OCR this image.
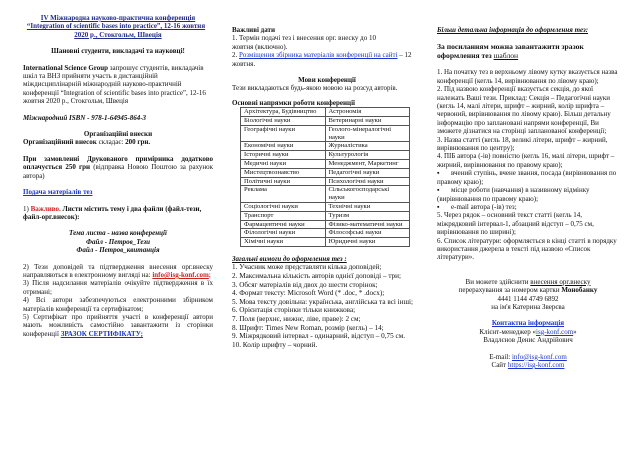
IV Міжнародна науково-практична конференція

“Integration of scientific bases into practice”, 12-16 жовтня

2020 р., Стокгольм, Швеція

Шановні студенти, викладачі та науковці!

International Science Group запрошує студентів, викладачів шкіл та ВНЗ прийняти участь в дистанційній міждисциплінарній міжнародній науково-практичній конференції “Integration of scientific bases into practice”, 12-16 жовтня 2020 р., Стокгольм, Швеція

Міжнародний ISBN - 978-1-64945-864-3

Організаційні внески

Організаційний внесок складає: 200 грн.

При замовленні Друкованого примірника додатково оплачується 250 грн (відправка Новою Поштою за рахунок автора)

Подача матеріалів тез

1) Важливо. Листи містить тему і два файли (файл-тези, файл-орг.внесок):

Тема листа - назва конференції

Файл - Петров_Тези

Файл - Петров_квитанція

2) Тези доповідей та підтвердження внесення орг.внеску направляються в електронному вигляді на: info@isg-konf.com;

3) Після надсилання матеріалів очікуйте підтвердження в їх отримані;

4) Всі автори забезпечуються електронними збірником матеріалів конференції та сертифікатом;

5) Сертифікат про прийняття участі в конференції автори мають можливість самостійно завантажити із сторінки конференції ЗРАЗОК СЕРТИФІКАТУ;

Важливі дати

1. Термін подачі тез і внесення орг. внеску до 10 жовтня (включно).

2. Розміщення збірника матеріалів конференції на сайті – 12 жовтня.

Мови конференції

Тези викладаються будь-якою мовою на розсуд авторів.

Основні напрямки роботи конференції

Архітектура, Будівництво	Астрономія
Біологічні науки	Ветеринарні науки
Географічні науки	Геолого-мінералогічні науки
Економічні науки	Журналістика
Історичні науки	Культурологія
Медичні науки	Менеджмент, Маркетинг
Мистецтвознавство	Педагогічні науки
Політичні науки	Психологічні науки
Реклама	Сільськогосподарські науки
Соціологічні науки	Технічні науки
Транспорт	Туризм
Фармацевтичні науки	Фізико-математичні науки
Філологічні науки	Філософські науки
Хімічні науки	Юридичні науки

Загальні вимоги до оформлення тез :

1. Учасник може представляти кілька доповідей;

2. Максимальна кількість авторів однієї доповіді – три;

3. Обсяг матеріалів від двох до шести сторінок;

4. Формат тексту: Microsoft Word (* .doc, * .docx);

5. Мова тексту довільна: українська, англійська та всі інші;

6. Орієнтація сторінки тільки книжкова;

7. Поля (верхнє, нижнє, ліве, праве): 2 см;

8. Шрифт: Times New Roman, розмір (кегль) – 14;

9. Міжрядковий інтервал - одинарний, відступ – 0,75 см.

10. Колір шрифту – чорний.

Більш детальна інформація до оформлення тез:

За посиланням можна завантажити зразок оформлення тез шаблон

1. На початку тез в верхньому лівому кутку вказується назва конференції (кегль 14, вирівнювання по лівому краю);

2. Під назвою конференції вказується секція, до якої належать Ваші тези. Приклад: Секція – Педагогічні науки (кегль 14, малі літери, шрифт – жирний, колір шрифта – червоний, вирівнювання по лівому краю). Більш детальну інформацію про заплановані напрями конференції, Ви зможете дізнатися на сторінці запланованої конференції;

3. Назва статті (кегль 18, великі літери, шрифт – жирний, вирівнювання по центру);

4. ПІБ автора (-ів) повністю (кегль 16, малі літери, шрифт – жирний, вирівнювання по правому краю);

▪ вчений ступінь, вчене звання, посада (вирівнювання по правому краю);
▪ місце роботи (навчання) в називному відмінку (вирівнювання по правому краю);
▪ e-mail автора (-ів) тез;

5. Через рядок – основний текст статті (кегль 14, міжрядковий інтервал-1, абзацний відступ – 0,75 см, вирівнювання по ширині);

6. Список літератури: оформляється в кінці статті в порядку використання джерела в тексті під назвою «Список літератури».

Ви можете здійснити внесення орг.внеску

перерахування за номером картки Монобанку

4441 1144 4749 6892

на ім'я Катерина Зверєва

Контактна інформація

Клієнт-менеджер «isg-konf.com»

Владлєнов Денис Андрійович

E-mail: info@isg-konf.com

Сайт https://isg-konf.com
